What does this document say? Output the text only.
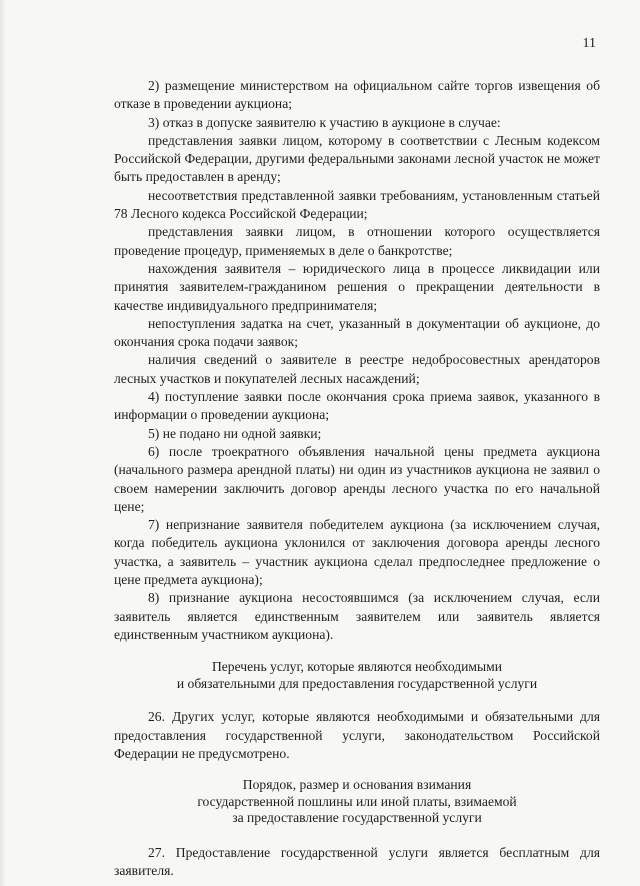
11

2) размещение министерством на официальном сайте торгов извещения об отказе в проведении аукциона;

3) отказ в допуске заявителю к участию в аукционе в случае:

представления заявки лицом, которому в соответствии с Лесным кодексом Российской Федерации, другими федеральными законами лесной участок не может быть предоставлен в аренду;

несоответствия представленной заявки требованиям, установленным статьей 78 Лесного кодекса Российской Федерации;

представления заявки лицом, в отношении которого осуществляется проведение процедур, применяемых в деле о банкротстве;

нахождения заявителя – юридического лица в процессе ликвидации или принятия заявителем-гражданином решения о прекращении деятельности в качестве индивидуального предпринимателя;

непоступления задатка на счет, указанный в документации об аукционе, до окончания срока подачи заявок;

наличия сведений о заявителе в реестре недобросовестных арендаторов лесных участков и покупателей лесных насаждений;

4) поступление заявки после окончания срока приема заявок, указанного в информации о проведении аукциона;

5) не подано ни одной заявки;

6) после троекратного объявления начальной цены предмета аукциона (начального размера арендной платы) ни один из участников аукциона не заявил о своем намерении заключить договор аренды лесного участка по его начальной цене;

7) непризнание заявителя победителем аукциона (за исключением случая, когда победитель аукциона уклонился от заключения договора аренды лесного участка, а заявитель – участник аукциона сделал предпоследнее предложение о цене предмета аукциона);

8) признание аукциона несостоявшимся (за исключением случая, если заявитель является единственным заявителем или заявитель является единственным участником аукциона).

Перечень услуг, которые являются необходимыми
и обязательными для предоставления государственной услуги

26. Других услуг, которые являются необходимыми и обязательными для предоставления государственной услуги, законодательством Российской Федерации не предусмотрено.

Порядок, размер и основания взимания
государственной пошлины или иной платы, взимаемой
за предоставление государственной услуги

27. Предоставление государственной услуги является бесплатным для заявителя.
